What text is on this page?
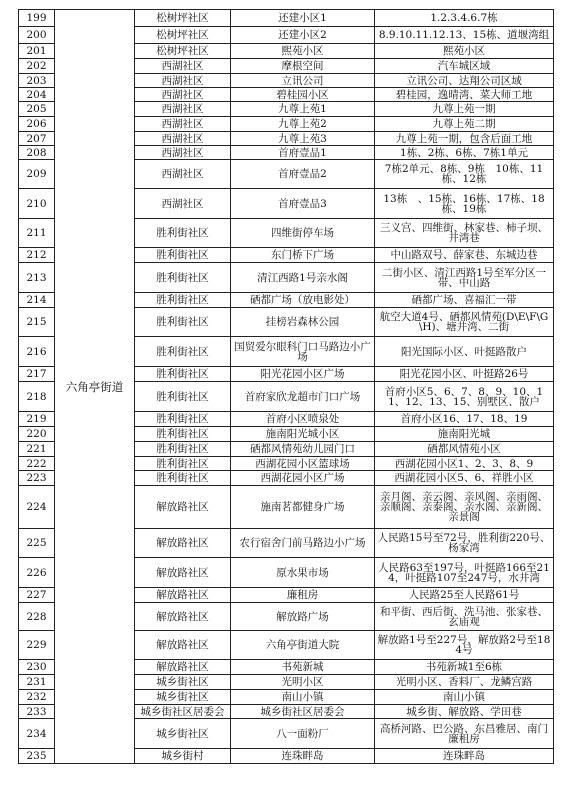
199	六角亭街道	松树坪社区	还建小区1	1.2.3.4.6.7栋
200		松树坪社区	还建小区2	8.9.10.11.12.13、15栋、道堰湾组
201		松树坪社区	熙苑小区	熙苑小区
202		西湖社区	摩根空间	汽车城区域
203		西湖社区	立讯公司	立讯公司、达翔公司区域
204		西湖社区	碧桂园小区	碧桂园，逸晴湾、菜大师工地
205		西湖社区	九尊上苑1	九尊上苑一期
206		西湖社区	九尊上苑2	九尊上苑二期
207		西湖社区	九尊上苑3	九尊上苑一期，包含后面工地
208		西湖社区	首府壹品1	1栋、2栋、6栋、7栋1单元
209		西湖社区	首府壹品2	7栋2单元、8栋、9栋　10栋、11栋、12栋
210		西湖社区	首府壹品3	13栋　、15栋、16栋、17栋、18栋、19栋
211		胜利街社区	四维街停车场	三义宫、四维街、林家巷、柿子坝、井湾巷
212		胜利街社区	东门桥下广场	中山路双号、薛家巷、东城边巷
213		胜利街社区	清江西路1号亲水阁	二街小区、清江西路1号至军分区一带、中山路
214		胜利街社区	硒都广场（放电影处）	硒都广场、喜福汇一带
215		胜利街社区	挂榜岩森林公园	航空大道4号、硒都风情苑(D\E\F\G\H)、塘井湾、二街
216		胜利街社区	国贸爱尔眼科门口马路边小广场	阳光国际小区、叶挺路散户
217		胜利街社区	阳光花园小区广场	阳光花园小区、叶挺路26号
218		胜利街社区	首府家欣龙超市门口广场	首府小区5、6、7、8、9、10、11、12、13、15、别墅区、散户
219		胜利街社区	首府小区喷泉处	首府小区16、17、18、19
220		胜利街社区	施南阳光城小区	施南阳光城
221		胜利街社区	硒都风情苑幼儿园门口	硒都风情苑小区
222		胜利街社区	西湖花园小区篮球场	西湖花园小区1、2、3、8、9
223		胜利街社区	西湖花园小区广场	西湖花园小区5、6、祥胜小区
224		解放路社区	施南茗都健身广场	亲月阁、亲云阁、亲风阁、亲雨阁、亲顺阁、亲泰阁、亲水阁、亲新阁、亲景阁
225		解放路社区	农行宿舍门前马路边小广场	人民路15号至72号，胜利街220号、杨家湾
226		解放路社区	原水果市场	人民路63至197号，叶挺路166至214，叶挺路107至247号，水井湾
227		解放路社区	廉租房	人民路25至人民路61号
228		解放路社区	解放路广场	和平街、西后街、洗马池、张家巷、玄庙观
229		解放路社区	六角亭街道大院	解放路1号至227号，解放路2号至184号
230		解放路社区	书苑新城	书苑新城1至6栋
231		城乡街社区	光明小区	光明小区、香料厂、龙鳞宫路
232		城乡街社区	南山小镇	南山小镇
233		城乡街社区居委会	城乡街社区居委会	城乡街、解放路、学田巷
234		城乡街社区	八一面粉厂	高桥河路、巴公路、东昌雅居、南门廉租房
235		城乡街村	连珠畔岛	连珠畔岛
